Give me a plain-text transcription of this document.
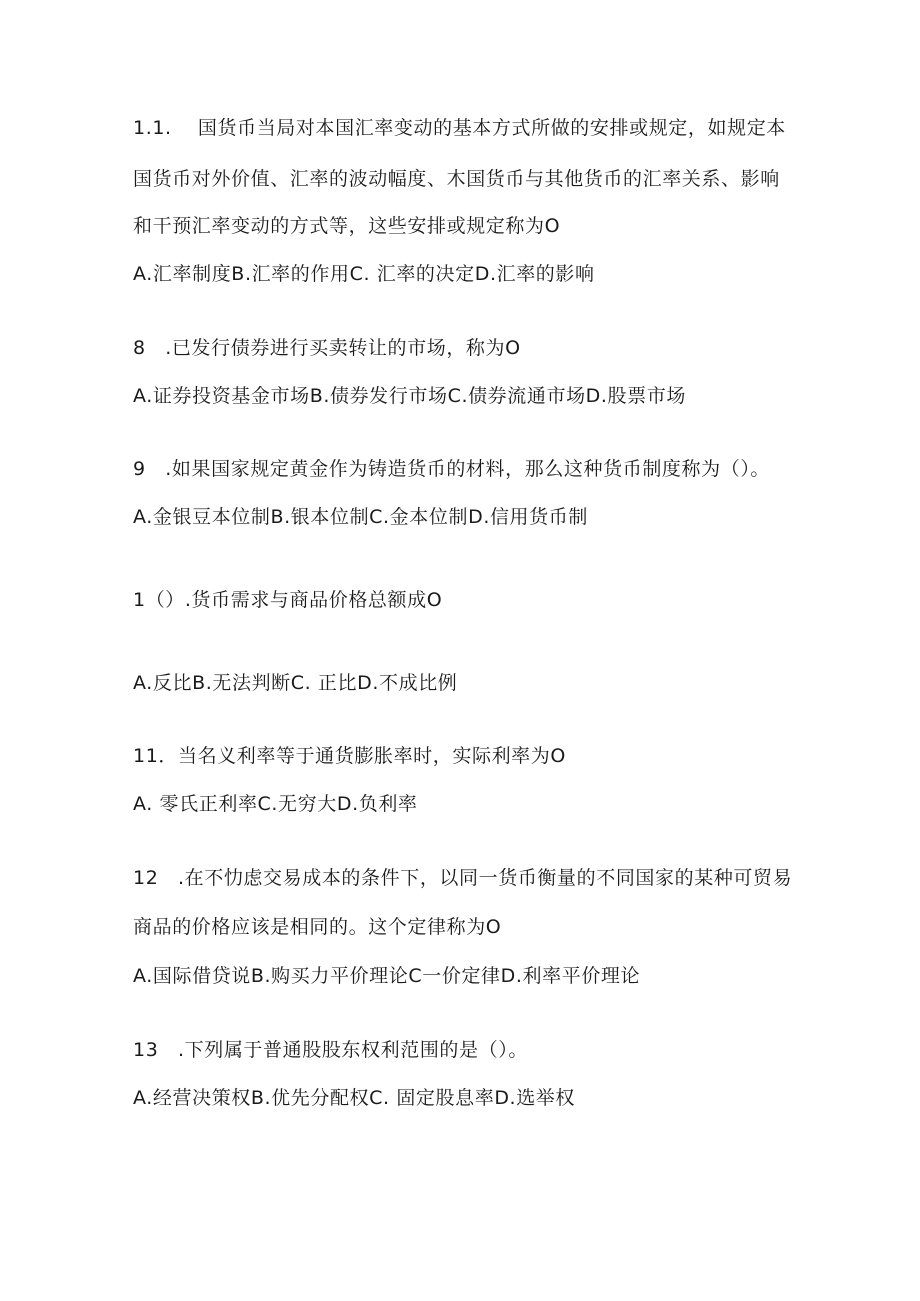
1.1.　 国货币当局对本国汇率变动的基本方式所做的安排或规定，如规定本
国货币对外价值、汇率的波动幅度、木国货币与其他货币的汇率关系、影响
和干预汇率变动的方式等，这些安排或规定称为O
A.汇率制度B.汇率的作用C. 汇率的决定D.汇率的影响
8　.已发行债券进行买卖转让的市场，称为O
A.证券投资基金市场B.债券发行市场C.债券流通市场D.股票市场
9　.如果国家规定黄金作为铸造货币的材料，那么这种货币制度称为（）。
A.金银豆本位制B.银本位制C.金本位制D.信用货币制
1（）.货币需求与商品价格总额成O
A.反比B.无法判断C. 正比D.不成比例
11．当名义利率等于通货膨胀率时，实际利率为O
A. 零氏正利率C.无穷大D.负利率
12　.在不忇虑交易成本的条件下，以同一货币衡量的不同国家的某种可贸易
商品的价格应该是相同的。这个定律称为O
A.国际借贷说B.购买力平价理论C一价定律D.利率平价理论
13　.下列属于普通股股东权利范围的是（）。
A.经营决策权B.优先分配权C. 固定股息率D.选举权
